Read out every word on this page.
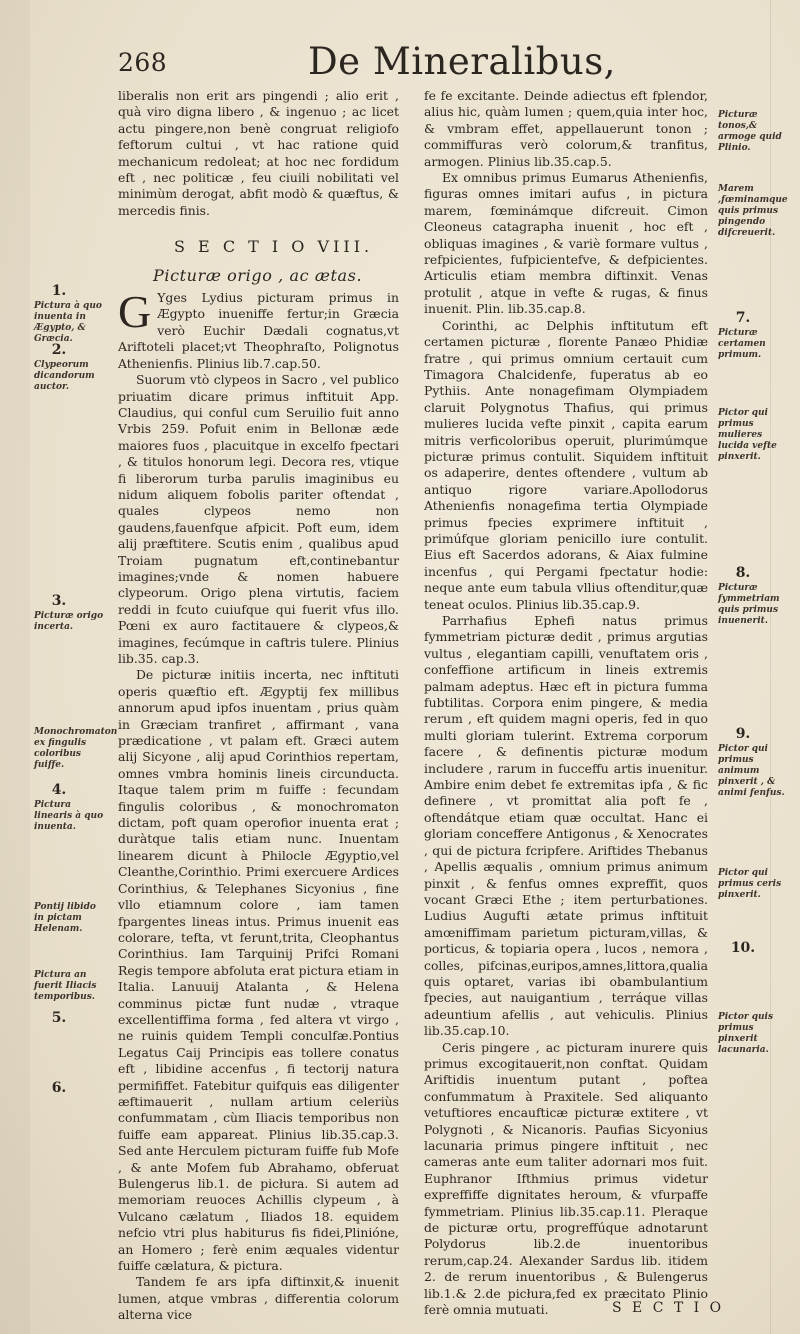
268	De Mineralibus,

liberalis non erit ars pingendi ; alio erit , quà viro digna libero , & ingenuo ; ac licet actu pingere,non benè congruat religiofo feftorum cultui , vt hac ratione quid mechanicum redoleat; at hoc nec fordidum eft , nec politicæ , feu ciuili nobilitati vel minimùm derogat, abfit modò & quæftus, & mercedis finis.

S E C T I O VIII.
Picturæ origo , ac ætas.

G Yges Lydius picturam primus in Ægypto inueniffe fertur;in Græcia verò Euchir Dædali cognatus,vt Ariftoteli placet;vt Theophraſto, Polignotus Athenienfis. Plinius lib.7.cap.50.

Suorum vtò clypeos in Sacro , vel publico priuatim dicare primus inftituit App. Claudius, qui conful cum Seruilio fuit anno Vrbis 259. Pofuit enim in Bellonæ æde maiores fuos , placuitque in excelfo fpectari , & titulos honorum legi. Decora res, vtique fi liberorum turba parulis imaginibus eu nidum aliquem fobolis pariter oftendat , quales clypeos nemo non gaudens,fauenfque afpicit. Poft eum, idem alij præftitere. Scutis enim , qualibus apud Troiam pugnatum eft,continebantur imagines;vnde & nomen habuere clypeorum. Origo plena virtutis, faciem reddi in fcuto cuiufque qui fuerit vfus illo. Pœni ex auro factitauere & clypeos,& imagines, fecúmque in caftris tulere. Plinius lib.35. cap.3.

De picturæ initiis incerta, nec inftituti operis quæftio eft. Ægyptij fex millibus annorum apud ipfos inuentam , prius quàm in Græciam tranfiret , affirmant , vana prædicatione , vt palam eft. Græci autem alij Sicyone , alij apud Corinthios repertam, omnes vmbra hominis lineis circunducta. Itaque talem prim m fuiffe : fecundam fingulis coloribus , & monochromaton dictam, poft quam operofior inuenta erat ; duràtque talis etiam nunc. Inuentam linearem dicunt à Philocle Ægyptio,vel Cleanthe,Corinthio. Primi exercuere Ardices Corinthius, & Telephanes Sicyonius , fine vllo etiamnum colore , iam tamen fpargentes lineas intus. Primus inuenit eas colorare, tefta, vt ferunt,trita, Cleophantus Corinthius. Iam Tarquinij Prifci Romani Regis tempore abfoluta erat pictura etiam in Italia. Lanuuij Atalanta , & Helena comminus pictæ funt nudæ , vtraque excellentiffima forma , fed altera vt virgo , ne ruinis quidem Templi conculfæ.Pontius Legatus Caij Principis eas tollere conatus eft , libidine accenfus , fi tectorij natura permififfet. Fatebitur quifquis eas diligenter æftimauerit , nullam artium celeriùs confummatam , cùm Iliacis temporibus non fuiffe eam appareat. Plinius lib.35.cap.3. Sed ante Herculem picturam fuiffe fub Mofe , & ante Mofem fub Abrahamo, obferuat Bulengerus lib.1. de picłura. Si autem ad memoriam reuoces Achillis clypeum , à Vulcano cælatum , Iliados 18. equidem nefcio vtri plus habiturus fis fidei,Plinióne, an Homero ; ferè enim æquales videntur fuiffe cælatura, & pictura.

Tandem fe ars ipfa diftinxit,& inuenit lumen, atque vmbras , differentia colorum alterna vice

fe fe excitante. Deinde adiectus eft fplendor, alius hic, quàm lumen ; quem,quia inter hoc, & vmbram effet, appellauerunt tonon ; commiffuras verò colorum,& tranfitus, armogen. Plinius lib.35.cap.5.

Ex omnibus primus Eumarus Athenienfis, figuras omnes imitari aufus , in pictura marem, fœminámque difcreuit. Cimon Cleoneus catagrapha inuenit , hoc eft , obliquas imagines , & variè formare vultus , refpicientes, fufpicientefve, & defpicientes. Articulis etiam membra diftinxit. Venas protulit , atque in vefte & rugas, & finus inuenit. Plin. lib.35.cap.8.

Corinthi, ac Delphis inftitutum eft certamen picturæ , florente Panæo Phidiæ fratre , qui primus omnium certauit cum Timagora Chalcidenfe, fuperatus ab eo Pythiis. Ante nonagefimam Olympiadem claruit Polygnotus Thafius, qui primus mulieres lucida vefte pinxit , capita earum mitris verficoloribus operuit, plurimúmque picturæ primus contulit. Siquidem inftituit os adaperire, dentes oftendere , vultum ab antiquo rigore variare.Apollodorus Athenienfis nonagefima tertia Olympiade primus fpecies exprimere inftituit , primúfque gloriam penicillo iure contulit. Eius eft Sacerdos adorans, & Aiax fulmine incenfus , qui Pergami fpectatur hodie: neque ante eum tabula vllius oftenditur,quæ teneat oculos. Plinius lib.35.cap.9.

Parrhafius Ephefi natus primus fymmetriam picturæ dedit , primus argutias vultus , elegantiam capilli, venuftatem oris , confeffione artificum in lineis extremis palmam adeptus. Hæc eft in pictura fumma fubtilitas. Corpora enim pingere, & media rerum , eft quidem magni operis, fed in quo multi gloriam tulerint. Extrema corporum facere , & definentis picturæ modum includere , rarum in fucceffu artis inuenitur. Ambire enim debet fe extremitas ipfa , & fic definere , vt promittat alia poft fe , oftendátque etiam quæ occultat. Hanc ei gloriam conceffere Antigonus , & Xenocrates , qui de pictura fcripfere. Ariftides Thebanus , Apellis æqualis , omnium primus animum pinxit , & fenfus omnes expreffit, quos vocant Græci Ethe ; item perturbationes. Ludius Augufti ætate primus inftituit amœniffimam parietum picturam,villas, & porticus, & topiaria opera , lucos , nemora , colles, pifcinas,euripos,amnes,littora,qualia quis optaret, varias ibi obambulantium fpecies, aut nauigantium , terráque villas adeuntium afellis , aut vehiculis. Plinius lib.35.cap.10.

Ceris pingere , ac picturam inurere quis primus excogitauerit,non conftat. Quidam Ariftidis inuentum putant , poftea confummatum à Praxitele. Sed aliquanto vetuftiores encaufticæ picturæ extitere , vt Polygnoti , & Nicanoris. Paufias Sicyonius lacunaria primus pingere inftituit , nec cameras ante eum taliter adornari mos fuit. Euphranor Ifthmius primus videtur expreffiffe dignitates heroum, & vfurpaffe fymmetriam. Plinius lib.35.cap.11. Pleraque de picturæ ortu, progreffúque adnotarunt Polydorus lib.2.de inuentoribus rerum,cap.24. Alexander Sardus lib. itidem 2. de rerum inuentoribus , & Bulengerus lib.1.& 2.de picłura,fed ex præcitato Plinio ferè omnia mutuati.

1.
Pictura à quo inuenta in Ægypto, & Græcia.
2.
Clypeorum dicandorum auctor.
3.
Picturæ origo incerta.
Monochromaton ex fingulis coloribus fuiffe.
4.
Pictura linearis à quo inuenta.
Pontij libido in pictam Helenam.
Pictura an fuerit Iliacis temporibus.
5.
6.
Picturæ tonos,& armoge quid Plinio.
Marem ,fœminamque quis primus pingendo difcreuerit.
7.
Picturæ certamen primum.
Pictor qui primus mulieres lucida vefte pinxerit.
8.
Picturæ fymmetriam quis primus inuenerit.
9.
Pictor qui primus animum pinxerit , & animi fenfus.
Pictor qui primus ceris pinxerit.
10.
Pictor quis primus pinxerit lacunaria.
S E C T I O
